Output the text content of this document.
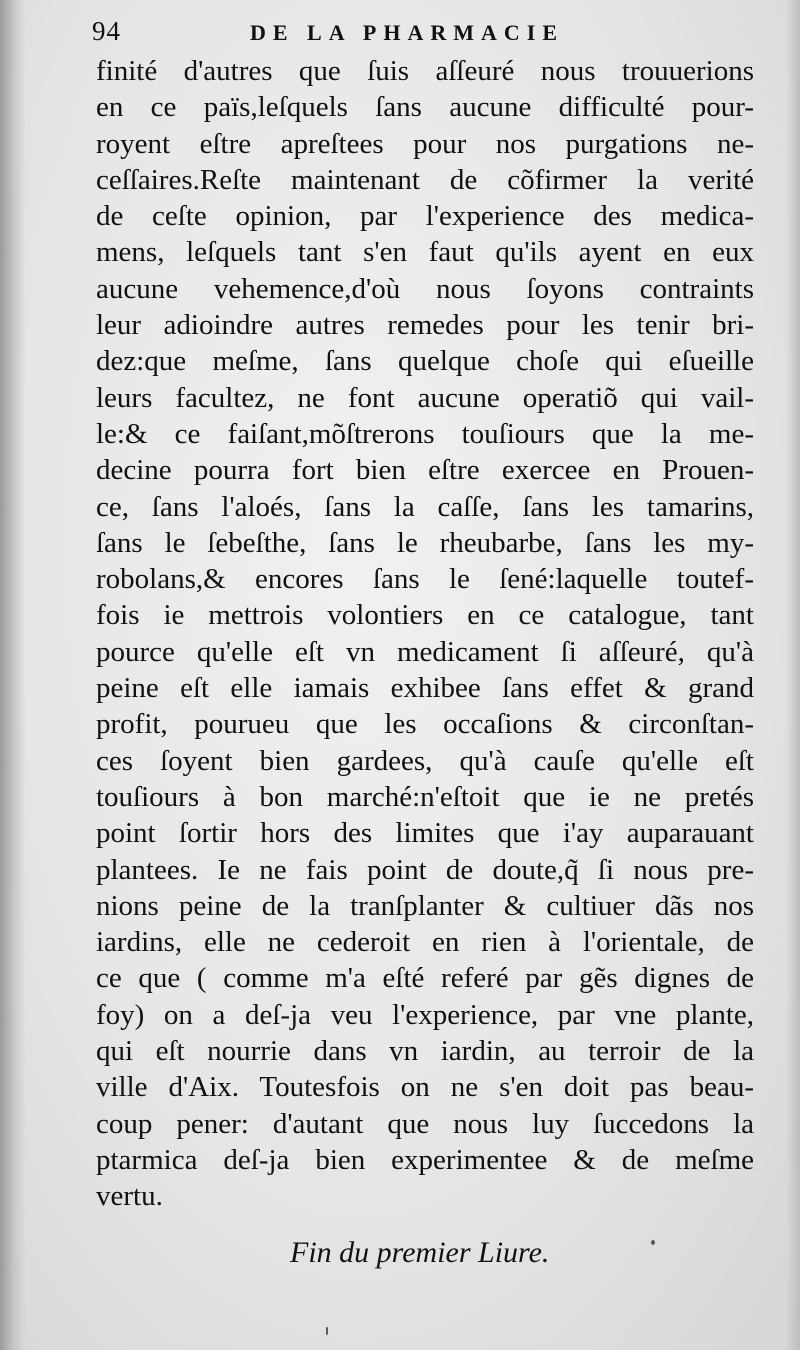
94	DE LA PHARMACIE
finité d'autres que ſuis aſſeuré nous trouuerions
en ce païs,leſquels ſans aucune difficulté pour-
royent eſtre apreſtees pour nos purgations ne-
ceſſaires.Reſte maintenant de cõfirmer la verité
de ceſte opinion, par l'experience des medica-
mens, leſquels tant s'en faut qu'ils ayent en eux
aucune vehemence,d'où nous ſoyons contraints
leur adioindre autres remedes pour les tenir bri-
dez:que meſme, ſans quelque choſe qui eſueille
leurs facultez, ne font aucune operatiõ qui vail-
le:& ce faiſant,mõſtrerons touſiours que la me-
decine pourra fort bien eſtre exercee en Prouen-
ce, ſans l'aloés, ſans la caſſe, ſans les tamarins,
ſans le ſebeſthe, ſans le rheubarbe, ſans les my-
robolans,& encores ſans le ſené:laquelle toutef-
fois ie mettrois volontiers en ce catalogue, tant
pource qu'elle eſt vn medicament ſi aſſeuré, qu'à
peine eſt elle iamais exhibee ſans effet & grand
profit, pourueu que les occaſions & circonſtan-
ces ſoyent bien gardees, qu'à cauſe qu'elle eſt
touſiours à bon marché:n'eſtoit que ie ne pretés
point ſortir hors des limites que i'ay auparauant
plantees. Ie ne fais point de doute,q̃ ſi nous pre-
nions peine de la tranſplanter & cultiuer dãs nos
iardins, elle ne cederoit en rien à l'orientale, de
ce que ( comme m'a eſté referé par gẽs dignes de
foy) on a deſ-ja veu l'experience, par vne plante,
qui eſt nourrie dans vn iardin, au terroir de la
ville d'Aix. Toutesfois on ne s'en doit pas beau-
coup pener: d'autant que nous luy ſuccedons la
ptarmica deſ-ja bien experimentee & de meſme
vertu.
Fin du premier Liure.
